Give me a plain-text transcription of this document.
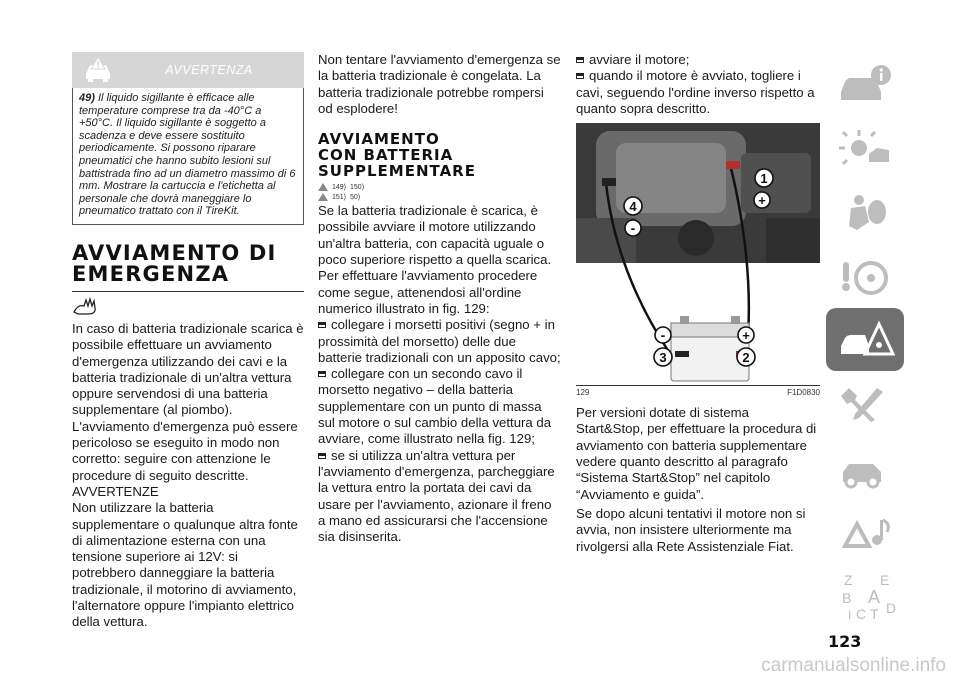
AVVERTENZA
49) Il liquido sigillante è efficace alle temperature comprese tra da -40°C a +50°C. Il liquido sigillante è soggetto a scadenza e deve essere sostituito periodicamente. Si possono riparare pneumatici che hanno subito lesioni sul battistrada fino ad un diametro massimo di 6 mm. Mostrare la cartuccia e l'etichetta al personale che dovrà maneggiare lo pneumatico trattato con il TireKit.
AVVIAMENTO DI
EMERGENZA

In caso di batteria tradizionale scarica è possibile effettuare un avviamento d'emergenza utilizzando dei cavi e la batteria tradizionale di un'altra vettura oppure servendosi di una batteria supplementare (al piombo).

L'avviamento d'emergenza può essere pericoloso se eseguito in modo non corretto: seguire con attenzione le procedure di seguito descritte.

AVVERTENZE

Non utilizzare la batteria supplementare o qualunque altra fonte di alimentazione esterna con una tensione superiore ai 12V: si potrebbero danneggiare la batteria tradizionale, il motorino di avviamento, l'alternatore oppure l'impianto elettrico della vettura.

Non tentare l'avviamento d'emergenza se la batteria tradizionale è congelata. La batteria tradizionale potrebbe rompersi od esplodere!

AVVIAMENTO
CON BATTERIA
SUPPLEMENTARE
149) 150)
151) 50)

Se la batteria tradizionale è scarica, è possibile avviare il motore utilizzando un'altra batteria, con capacità uguale o poco superiore rispetto a quella scarica.

Per effettuare l'avviamento procedere come segue, attenendosi all'ordine numerico illustrato in fig. 129:

collegare i morsetti positivi (segno + in prossimità del morsetto) delle due batterie tradizionali con un apposito cavo;

collegare con un secondo cavo il morsetto negativo – della batteria supplementare con un punto di massa sul motore o sul cambio della vettura da avviare, come illustrato nella fig. 129;

se si utilizza un'altra vettura per l'avviamento d'emergenza, parcheggiare la vettura entro la portata dei cavi da usare per l'avviamento, azionare il freno a mano ed assicurarsi che l'accensione sia disinserita.

avviare il motore;

quando il motore è avviato, togliere i cavi, seguendo l'ordine inverso rispetto a quanto sopra descritto.

1
+
4
-
-
3
+
2
129	F1D0830

Per versioni dotate di sistema Start&Stop, per effettuare la procedura di avviamento con batteria supplementare vedere quanto descritto al paragrafo “Sistema Start&Stop” nel capitolo “Avviamento e guida”.

Se dopo alcuni tentativi il motore non si avvia, non insistere ulteriormente ma rivolgersi alla Rete Assistenziale Fiat.

Z E
B A
I C T D
123
carmanualsonline.info
